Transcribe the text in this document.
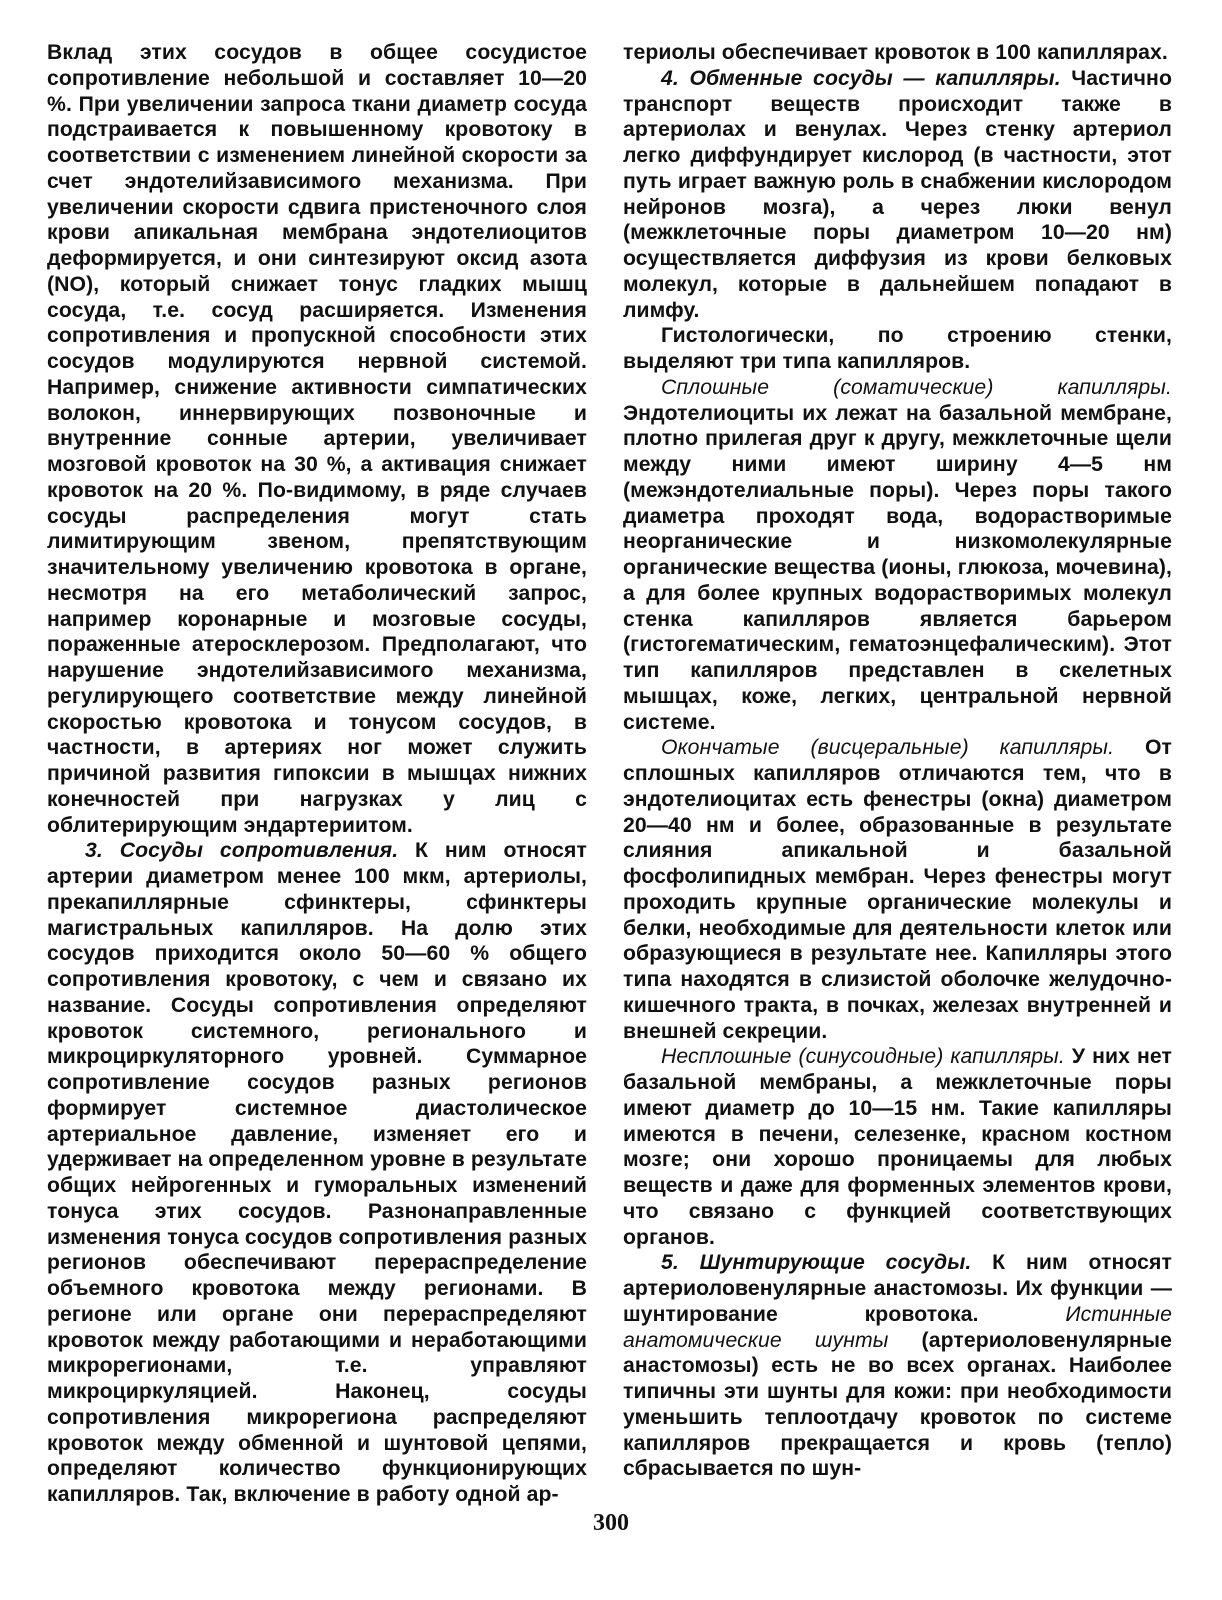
Вклад этих сосудов в общее сосудистое сопротивление небольшой и составляет 10—20 %. При увеличении запроса ткани диаметр сосуда подстраивается к повышенному кровотоку в соответствии с изменением линейной скорости за счет эндотелийзависимого механизма. При увеличении скорости сдвига пристеночного слоя крови апикальная мембрана эндотелиоцитов деформируется, и они синтезируют оксид азота (NO), который снижает тонус гладких мышц сосуда, т.е. сосуд расширяется. Изменения сопротивления и пропускной способности этих сосудов модулируются нервной системой. Например, снижение активности симпатических волокон, иннервирующих позвоночные и внутренние сонные артерии, увеличивает мозговой кровоток на 30 %, а активация снижает кровоток на 20 %. По-видимому, в ряде случаев сосуды распределения могут стать лимитирующим звеном, препятствующим значительному увеличению кровотока в органе, несмотря на его метаболический запрос, например коронарные и мозговые сосуды, пораженные атеросклерозом. Предполагают, что нарушение эндотелийзависимого механизма, регулирующего соответствие между линейной скоростью кровотока и тонусом сосудов, в частности, в артериях ног может служить причиной развития гипоксии в мышцах нижних конечностей при нагрузках у лиц с облитерирующим эндартериитом.

3. Сосуды сопротивления. К ним относят артерии диаметром менее 100 мкм, артериолы, прекапиллярные сфинктеры, сфинктеры магистральных капилляров. На долю этих сосудов приходится около 50—60 % общего сопротивления кровотоку, с чем и связано их название. Сосуды сопротивления определяют кровоток системного, регионального и микроциркуляторного уровней. Суммарное сопротивление сосудов разных регионов формирует системное диастолическое артериальное давление, изменяет его и удерживает на определенном уровне в результате общих нейрогенных и гуморальных изменений тонуса этих сосудов. Разнонаправленные изменения тонуса сосудов сопротивления разных регионов обеспечивают перераспределение объемного кровотока между регионами. В регионе или органе они перераспределяют кровоток между работающими и неработающими микрорегионами, т.е. управляют микроциркуляцией. Наконец, сосуды сопротивления микрорегиона распределяют кровоток между обменной и шунтовой цепями, определяют количество функционирующих капилляров. Так, включение в работу одной ар-

териолы обеспечивает кровоток в 100 капиллярах.

4. Обменные сосуды — капилляры. Частично транспорт веществ происходит также в артериолах и венулах. Через стенку артериол легко диффундирует кислород (в частности, этот путь играет важную роль в снабжении кислородом нейронов мозга), а через люки венул (межклеточные поры диаметром 10—20 нм) осуществляется диффузия из крови белковых молекул, которые в дальнейшем попадают в лимфу.

Гистологически, по строению стенки, выделяют три типа капилляров.

Сплошные (соматические) капилляры. Эндотелиоциты их лежат на базальной мембране, плотно прилегая друг к другу, межклеточные щели между ними имеют ширину 4—5 нм (межэндотелиальные поры). Через поры такого диаметра проходят вода, водорастворимые неорганические и низкомолекулярные органические вещества (ионы, глюкоза, мочевина), а для более крупных водорастворимых молекул стенка капилляров является барьером (гистогематическим, гематоэнцефалическим). Этот тип капилляров представлен в скелетных мышцах, коже, легких, центральной нервной системе.

Окончатые (висцеральные) капилляры. От сплошных капилляров отличаются тем, что в эндотелиоцитах есть фенестры (окна) диаметром 20—40 нм и более, образованные в результате слияния апикальной и базальной фосфолипидных мембран. Через фенестры могут проходить крупные органические молекулы и белки, необходимые для деятельности клеток или образующиеся в результате нее. Капилляры этого типа находятся в слизистой оболочке желудочно-кишечного тракта, в почках, железах внутренней и внешней секреции.

Несплошные (синусоидные) капилляры. У них нет базальной мембраны, а межклеточные поры имеют диаметр до 10—15 нм. Такие капилляры имеются в печени, селезенке, красном костном мозге; они хорошо проницаемы для любых веществ и даже для форменных элементов крови, что связано с функцией соответствующих органов.

5. Шунтирующие сосуды. К ним относят артериоловенулярные анастомозы. Их функции — шунтирование кровотока. Истинные анатомические шунты (артериоловенулярные анастомозы) есть не во всех органах. Наиболее типичны эти шунты для кожи: при необходимости уменьшить теплоотдачу кровоток по системе капилляров прекращается и кровь (тепло) сбрасывается по шун-

300
